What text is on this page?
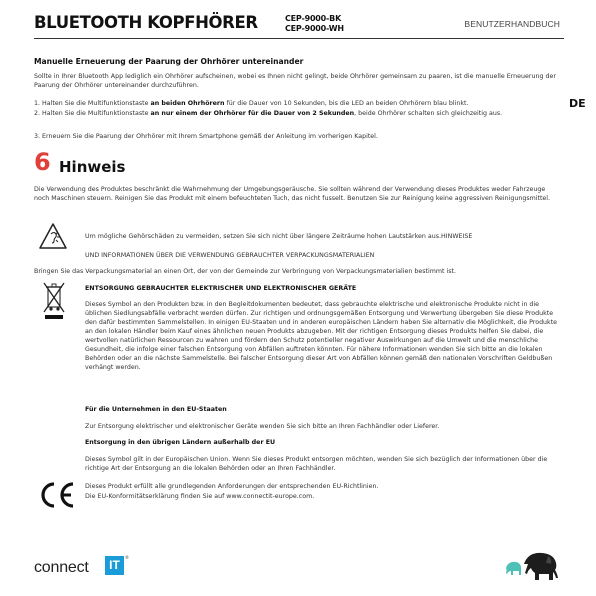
BLUETOOTH KOPFHÖRER	CEP-9000-BK
CEP-9000-WH	BENUTZERHANDBUCH
DE
Manuelle Erneuerung der Paarung der Ohrhörer untereinander
Sollte in Ihrer Bluetooth App lediglich ein Ohrhörer aufscheinen, wobei es Ihnen nicht gelingt, beide Ohrhörer gemeinsam zu paaren, ist die manuelle Erneuerung der Paarung der Ohrhörer untereinander durchzuführen.
1. Halten Sie die Multifunktionstaste an beiden Ohrhörern für die Dauer von 10 Sekunden, bis die LED an beiden Ohrhörern blau blinkt.
2. Halten Sie die Multifunktionstaste an nur einem der Ohrhörer für die Dauer von 2 Sekunden, beide Ohrhörer schalten sich gleichzeitig aus.
3. Erneuern Sie die Paarung der Ohrhörer mit Ihrem Smartphone gemäß der Anleitung im vorherigen Kapitel.
6 Hinweis
Die Verwendung des Produktes beschränkt die Wahrnehmung der Umgebungsgeräusche. Sie sollten während der Verwendung dieses Produktes weder Fahrzeuge noch Maschinen steuern. Reinigen Sie das Produkt mit einem befeuchteten Tuch, das nicht fusselt. Benutzen Sie zur Reinigung keine aggressiven Reinigungsmittel.
Um mögliche Gehörschäden zu vermeiden, setzen Sie sich nicht über längere Zeiträume hohen Lautstärken aus.HINWEISE
UND INFORMATIONEN ÜBER DIE VERWENDUNG GEBRAUCHTER VERPACKUNGSMATERIALIEN
Bringen Sie das Verpackungsmaterial an einen Ort, der von der Gemeinde zur Verbringung von Verpackungsmaterialien bestimmt ist.
ENTSORGUNG GEBRAUCHTER ELEKTRISCHER UND ELEKTRONISCHER GERÄTE
Dieses Symbol an den Produkten bzw. in den Begleitdokumenten bedeutet, dass gebrauchte elektrische und elektronische Produkte nicht in die üblichen Siedlungsabfälle verbracht werden dürfen. Zur richtigen und ordnungsgemäßen Entsorgung und Verwertung übergeben Sie diese Produkte den dafür bestimmten Sammelstellen. In einigen EU-Staaten und in anderen europäischen Ländern haben Sie alternativ die Möglichkeit, die Produkte an den lokalen Händler beim Kauf eines ähnlichen neuen Produkts abzugeben. Mit der richtigen Entsorgung dieses Produkts helfen Sie dabei, die wertvollen natürlichen Ressourcen zu wahren und fördern den Schutz potentieller negativer Auswirkungen auf die Umwelt und die menschliche Gesundheit, die infolge einer falschen Entsorgung von Abfällen auftreten könnten. Für nähere Informationen wenden Sie sich bitte an die lokalen Behörden oder an die nächste Sammelstelle. Bei falscher Entsorgung dieser Art von Abfällen können gemäß den nationalen Vorschriften Geldbußen verhängt werden.
Für die Unternehmen in den EU-Staaten
Zur Entsorgung elektrischer und elektronischer Geräte wenden Sie sich bitte an Ihren Fachhändler oder Lieferer.
Entsorgung in den übrigen Ländern außerhalb der EU
Dieses Symbol gilt in der Europäischen Union. Wenn Sie dieses Produkt entsorgen möchten, wenden Sie sich bezüglich der Informationen über die richtige Art der Entsorgung an die lokalen Behörden oder an Ihren Fachhändler.
Dieses Produkt erfüllt alle grundlegenden Anforderungen der entsprechenden EU-Richtlinien.
Die EU-Konformitätserklärung finden Sie auf www.connectit-europe.com.
connect	IT
®
